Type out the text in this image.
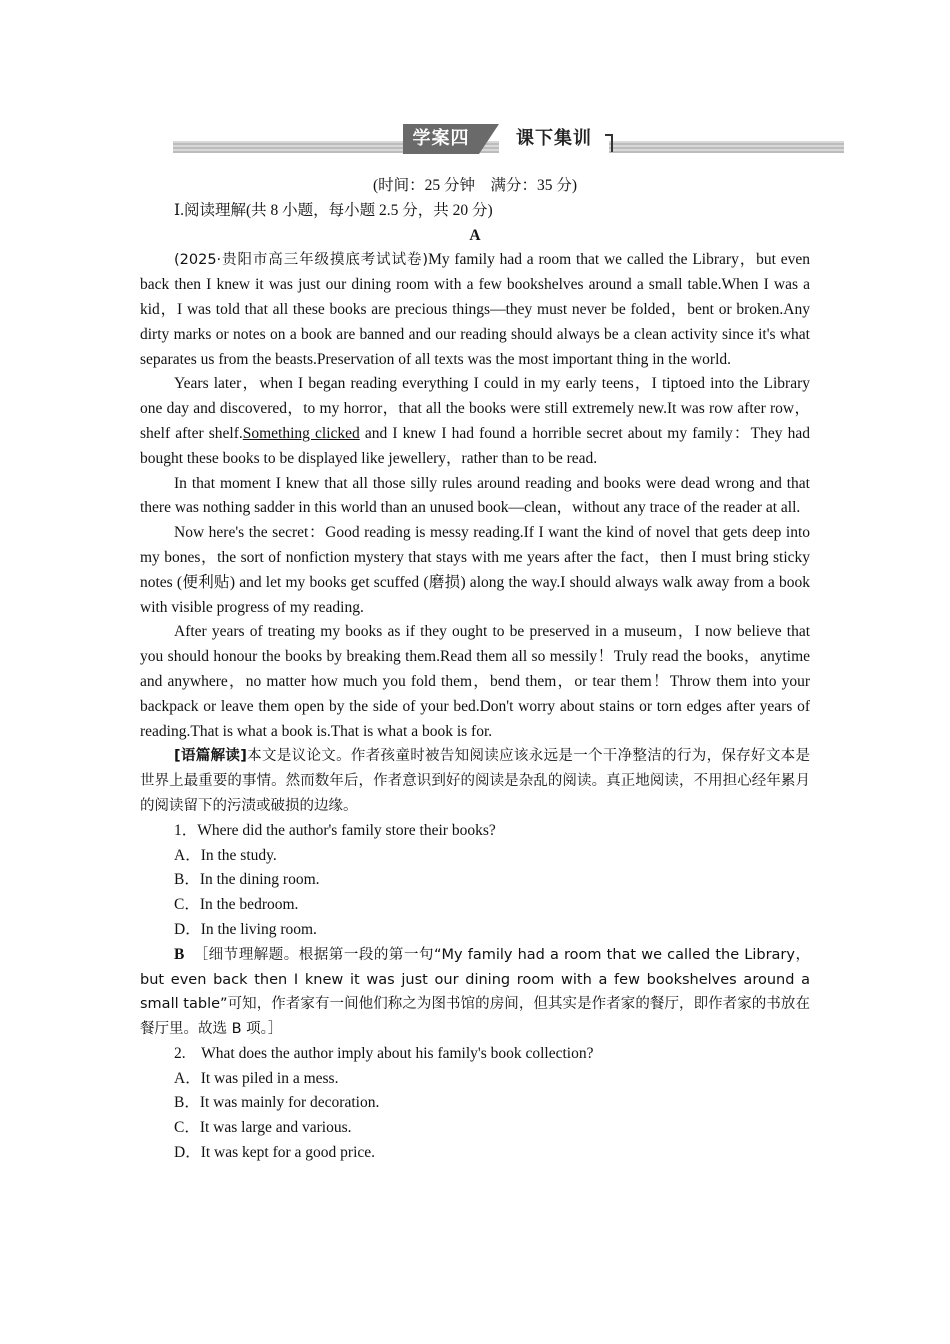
学案四	课下集训

(时间：25 分钟　满分：35 分)

Ⅰ.阅读理解(共 8 小题，每小题 2.5 分，共 20 分)

A

(2025·贵阳市高三年级摸底考试试卷)My family had a room that we called the Library，but even back then I knew it was just our dining room with a few bookshelves around a small table.When I was a kid，I was told that all these books are precious things—they must never be folded，bent or broken.Any dirty marks or notes on a book are banned and our reading should always be a clean activity since it's what separates us from the beasts.Preservation of all texts was the most important thing in the world.

Years later，when I began reading everything I could in my early teens，I tiptoed into the Library one day and discovered，to my horror，that all the books were still extremely new.It was row after row，shelf after shelf.Something clicked and I knew I had found a horrible secret about my family：They had bought these books to be displayed like jewellery，rather than to be read.

In that moment I knew that all those silly rules around reading and books were dead wrong and that there was nothing sadder in this world than an unused book—clean，without any trace of the reader at all.

Now here's the secret：Good reading is messy reading.If I want the kind of novel that gets deep into my bones，the sort of nonfiction mystery that stays with me years after the fact，then I must bring sticky notes (便利贴) and let my books get scuffed (磨损) along the way.I should always walk away from a book with visible progress of my reading.

After years of treating my books as if they ought to be preserved in a museum，I now believe that you should honour the books by breaking them.Read them all so messily！Truly read the books，anytime and anywhere，no matter how much you fold them，bend them，or tear them！Throw them into your backpack or leave them open by the side of your bed.Don't worry about stains or torn edges after years of reading.That is what a book is.That is what a book is for.

[语篇解读]本文是议论文。作者孩童时被告知阅读应该永远是一个干净整洁的行为，保存好文本是世界上最重要的事情。然而数年后，作者意识到好的阅读是杂乱的阅读。真正地阅读，不用担心经年累月的阅读留下的污渍或破损的边缘。

1．Where did the author's family store their books?

A．In the study.

B．In the dining room.

C．In the bedroom.

D．In the living room.

B　 ［细节理解题。根据第一段的第一句“My family had a room that we called the Library，but even back then I knew it was just our dining room with a few bookshelves around a small table”可知，作者家有一间他们称之为图书馆的房间，但其实是作者家的餐厅，即作者家的书放在餐厅里。故选 B 项。］

2.　What does the author imply about his family's book collection?

A．It was piled in a mess.

B．It was mainly for decoration.

C．It was large and various.

D．It was kept for a good price.
